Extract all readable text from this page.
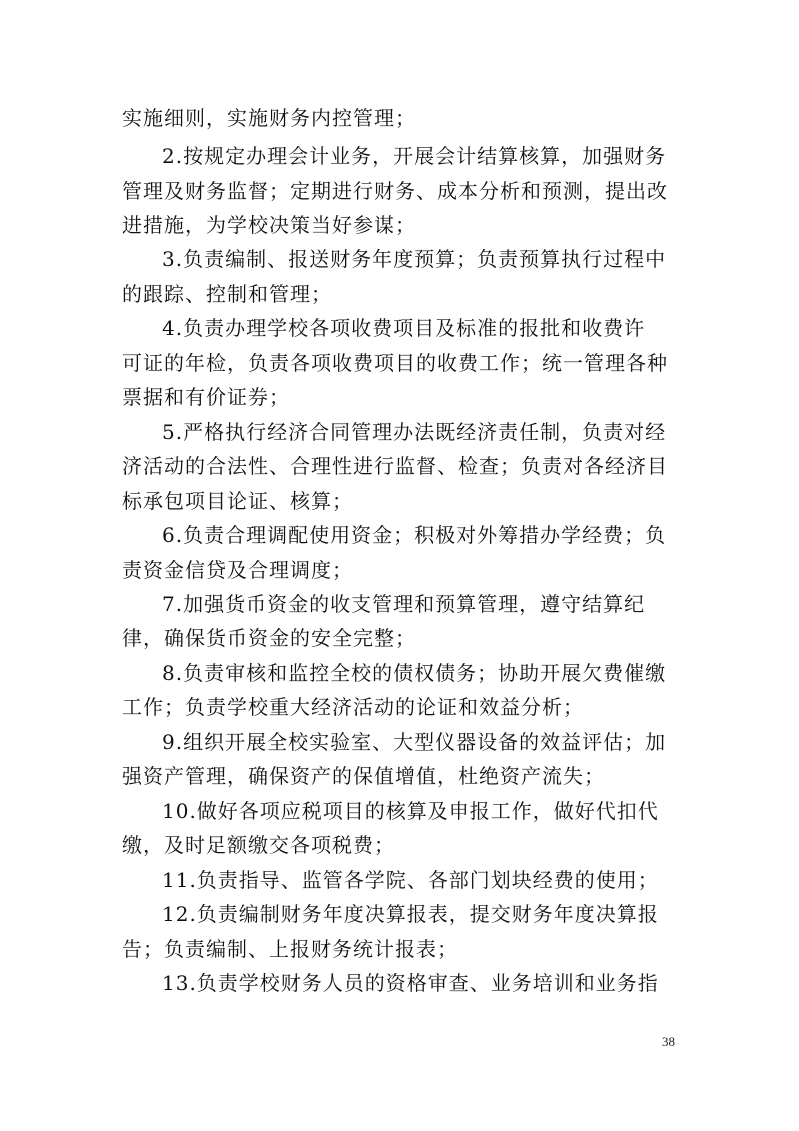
实施细则，实施财务内控管理；
2.按规定办理会计业务，开展会计结算核算，加强财务
管理及财务监督；定期进行财务、成本分析和预测，提出改
进措施，为学校决策当好参谋；
3.负责编制、报送财务年度预算；负责预算执行过程中
的跟踪、控制和管理；
4.负责办理学校各项收费项目及标准的报批和收费许
可证的年检，负责各项收费项目的收费工作；统一管理各种
票据和有价证券；
5.严格执行经济合同管理办法既经济责任制，负责对经
济活动的合法性、合理性进行监督、检查；负责对各经济目
标承包项目论证、核算；
6.负责合理调配使用资金；积极对外筹措办学经费；负
责资金信贷及合理调度；
7.加强货币资金的收支管理和预算管理，遵守结算纪
律，确保货币资金的安全完整；
8.负责审核和监控全校的债权债务；协助开展欠费催缴
工作；负责学校重大经济活动的论证和效益分析；
9.组织开展全校实验室、大型仪器设备的效益评估；加
强资产管理，确保资产的保值增值，杜绝资产流失；
10.做好各项应税项目的核算及申报工作，做好代扣代
缴，及时足额缴交各项税费；
11.负责指导、监管各学院、各部门划块经费的使用；
12.负责编制财务年度决算报表，提交财务年度决算报
告；负责编制、上报财务统计报表；
13.负责学校财务人员的资格审查、业务培训和业务指
38
